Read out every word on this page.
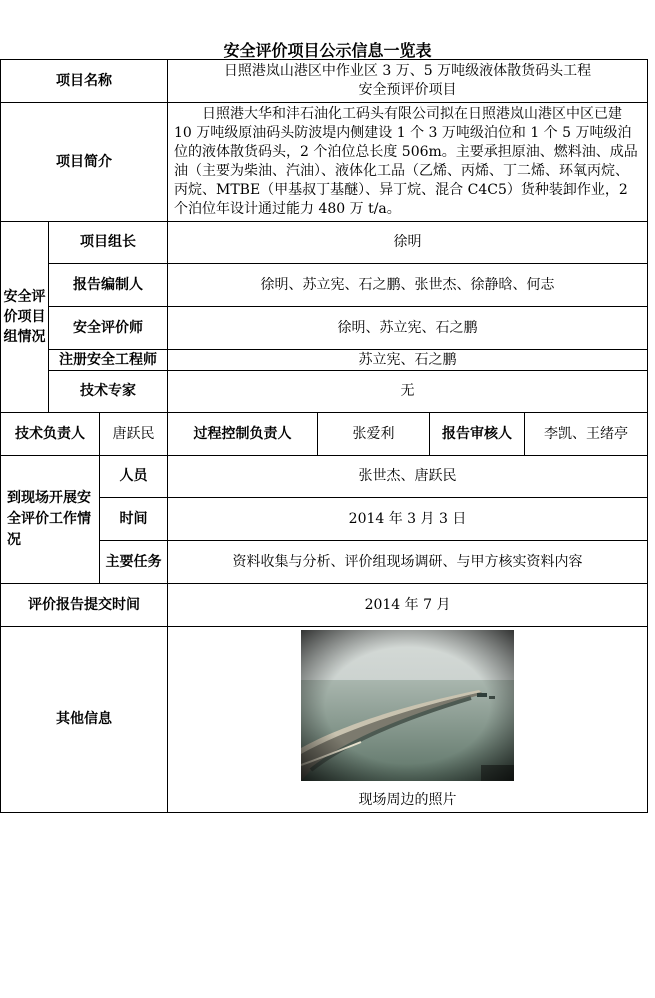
安全评价项目公示信息一览表
项目名称			日照港岚山港区中作业区 3 万、5 万吨级液体散货码头工程
安全预评价项目			

项目简介			日照港大华和沣石油化工码头有限公司拟在日照港岚山港区中区已建 10 万吨级原油码头防波堤内侧建设 1 个 3 万吨级泊位和 1 个 5 万吨级泊位的液体散货码头，2 个泊位总长度 506m。主要承担原油、燃料油、成品油（主要为柴油、汽油）、液体化工品（乙烯、丙烯、丁二烯、环氧丙烷、丙烷、MTBE（甲基叔丁基醚）、异丁烷、混合 C4C5）货种装卸作业，2 个泊位年设计通过能力 480 万 t/a。			
安全评价项目组情况	项目组长		徐明			
	报告编制人		徐明、苏立宪、石之鹏、张世杰、徐静晗、何志			
	安全评价师		徐明、苏立宪、石之鹏			
	注册安全工程师		苏立宪、石之鹏			
	技术专家		无			
技术负责人		唐跃民	过程控制负责人	张爱利	报告审核人	李凯、王绪亭
到现场开展安全评价工作情况		人员	张世杰、唐跃民			
		时间	2014 年 3 月 3 日			
		主要任务	资料收集与分析、评价组现场调研、与甲方核实资料内容			
评价报告提交时间			2014 年 7 月			
其他信息			现场周边的照片			
